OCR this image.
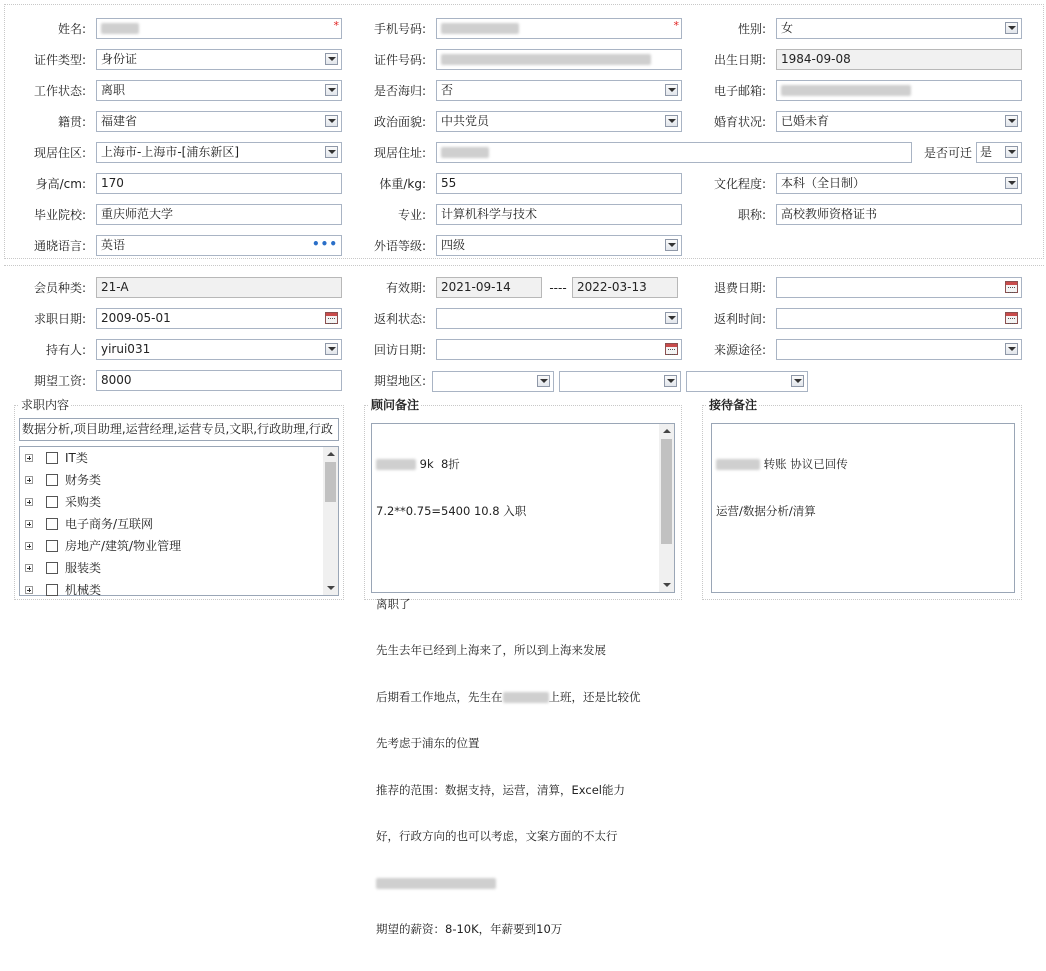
姓名:	*	手机号码:	*	性别:	女
证件类型:	身份证	证件号码:	出生日期:	1984-09-08
工作状态:	离职	是否海归:	否	电子邮箱:
籍贯:	福建省	政治面貌:	中共党员	婚育状况:	已婚未育
现居住区:	上海市-上海市-[浦东新区]	现居住址:	是否可迁 是
身高/cm:	170	体重/kg:	55	文化程度:	本科（全日制）
毕业院校:	重庆师范大学	专业:	计算机科学与技术	职称:	高校教师资格证书
通晓语言:	英语	•••	外语等级:	四级
会员种类:	21-A	有效期:	2021-09-14	---- 2022-03-13	退费日期:
求职日期:	2009-05-01	返利状态:	返利时间:
持有人:	yirui031	回访日期:	来源途径:
期望工资:	8000	期望地区:
求职内容
数据分析,项目助理,运营经理,运营专员,文职,行政助理,行政
IT类
财务类
采购类
电子商务/互联网
房地产/建筑/物业管理
服装类
机械类
顾问备注

9k  8折

7.2**0.75=5400 10.8 入职

离职了

先生去年已经到上海来了，所以到上海来发展

后期看工作地点，先生在	上班，还是比较优

先考虑于浦东的位置

推荐的范围：数据支持，运营，清算，Excel能力

好，行政方向的也可以考虑，文案方面的不太行

期望的薪资：8-10K，年薪要到10万

接待备注

转账 协议已回传

运营/数据分析/清算
